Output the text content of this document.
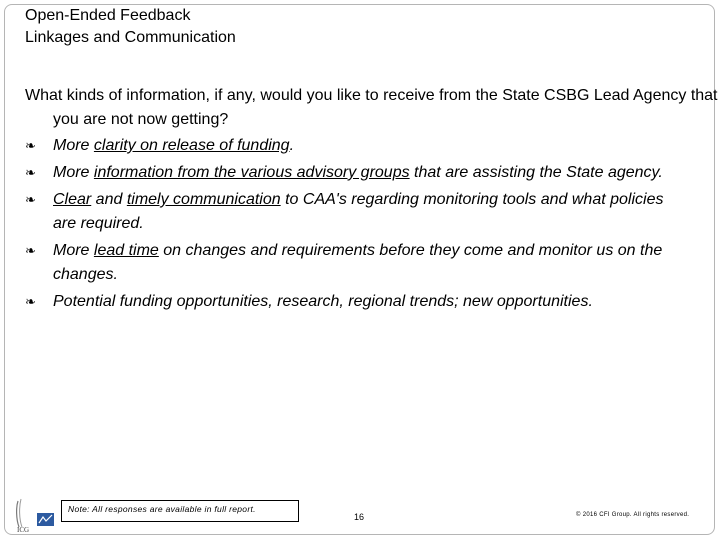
Open-Ended Feedback
Linkages and Communication
What kinds of information, if any, would you like to receive from the State CSBG Lead Agency that you are not now getting?
❧ More clarity on release of funding.
❧ More information from the various advisory groups that are assisting the State agency.
❧ Clear and timely communication to CAA's regarding monitoring tools and what policies are required.
❧ More lead time on changes and requirements before they come and monitor us on the changes.
❧ Potential funding opportunities, research, regional trends; new opportunities.
ICG
Note: All responses are available in full report.
16	© 2016 CFI Group. All rights reserved.
